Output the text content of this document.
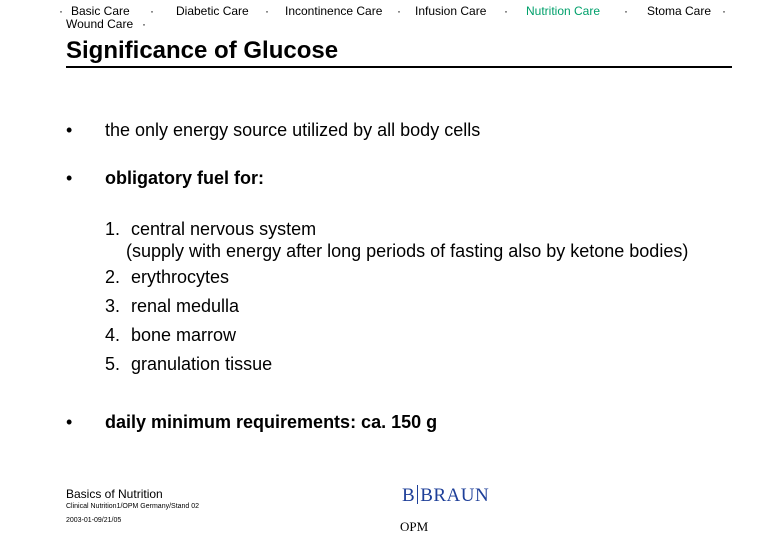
· Basic Care · Diabetic Care · Incontinence Care · Infusion Care · Nutrition Care · Stoma Care ·
Wound Care ·
Significance of Glucose
• the only energy source utilized by all body cells
• obligatory fuel for:
1. central nervous system
(supply with energy after long periods of fasting also by ketone bodies)
2. erythrocytes
3. renal medulla
4. bone marrow
5. granulation tissue
• daily minimum requirements: ca. 150 g
Basics of Nutrition
Clinical Nutrition1/OPM Germany/Stand 02
2003-01-09/21/05
B BRAUN
OPM
